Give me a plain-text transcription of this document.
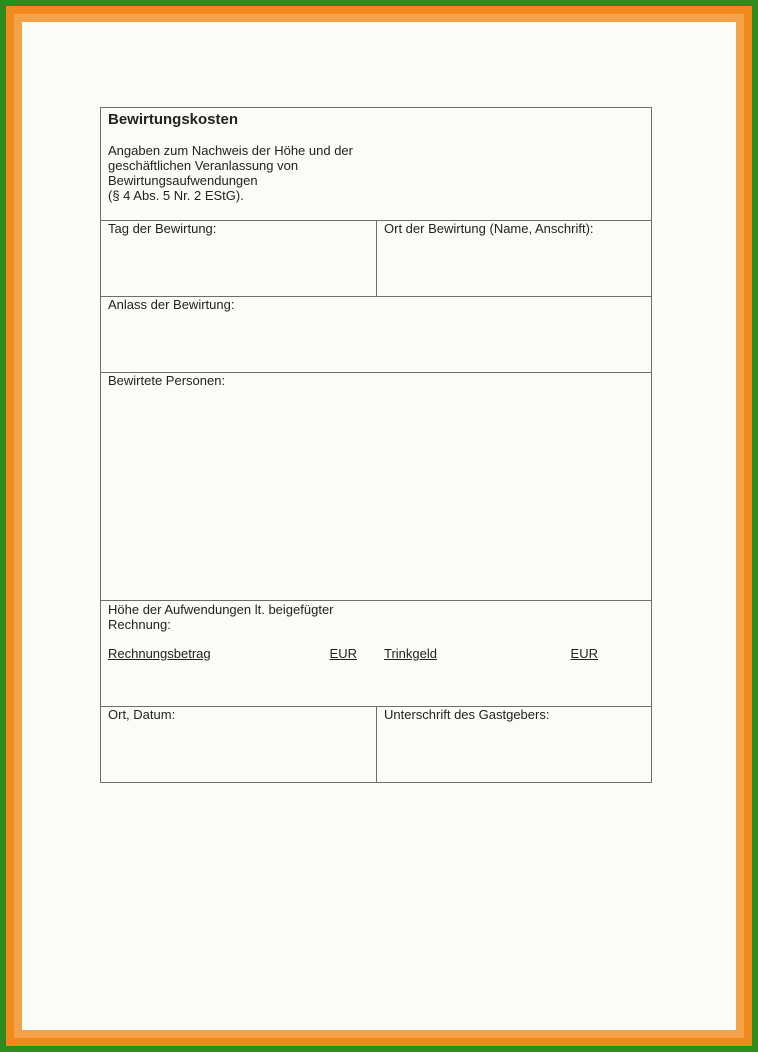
Bewirtungskosten
Angaben zum Nachweis der Höhe und der
geschäftlichen Veranlassung von
Bewirtungsaufwendungen
(§ 4 Abs. 5 Nr. 2 EStG).
Tag der Bewirtung:	Ort der Bewirtung (Name, Anschrift):
Anlass der Bewirtung:
Bewirtete Personen:
Höhe der Aufwendungen lt. beigefügter Rechnung:
Rechnungsbetrag	EUR Trinkgeld	EUR
Ort, Datum:	Unterschrift des Gastgebers:
